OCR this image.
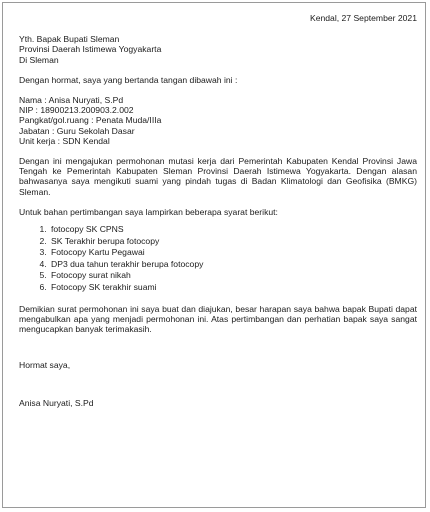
Kendal, 27 September 2021
Yth. Bapak Bupati Sleman
Provinsi Daerah Istimewa Yogyakarta
Di Sleman
Dengan hormat, saya yang bertanda tangan dibawah ini :
Nama : Anisa Nuryati, S.Pd
NIP : 18900213.200903.2.002
Pangkat/gol.ruang : Penata Muda/IIIa
Jabatan : Guru Sekolah Dasar
Unit kerja : SDN Kendal

Dengan ini mengajukan permohonan mutasi kerja dari Pemerintah Kabupaten Kendal Provinsi Jawa Tengah ke Pemerintah Kabupaten Sleman Provinsi Daerah Istimewa Yogyakarta. Dengan alasan bahwasanya saya mengikuti suami yang pindah tugas di Badan Klimatologi dan Geofisika (BMKG) Sleman.

Untuk bahan pertimbangan saya lampirkan beberapa syarat berikut:
1. fotocopy SK CPNS
2. SK Terakhir berupa fotocopy
3. Fotocopy Kartu Pegawai
4. DP3 dua tahun terakhir berupa fotocopy
5. Fotocopy surat nikah
6. Fotocopy SK terakhir suami

Demikian surat permohonan ini saya buat dan diajukan, besar harapan saya bahwa bapak Bupati dapat mengabulkan apa yang menjadi permohonan ini. Atas pertimbangan dan perhatian bapak saya sangat mengucapkan banyak terimakasih.

Hormat saya,
Anisa Nuryati, S.Pd
